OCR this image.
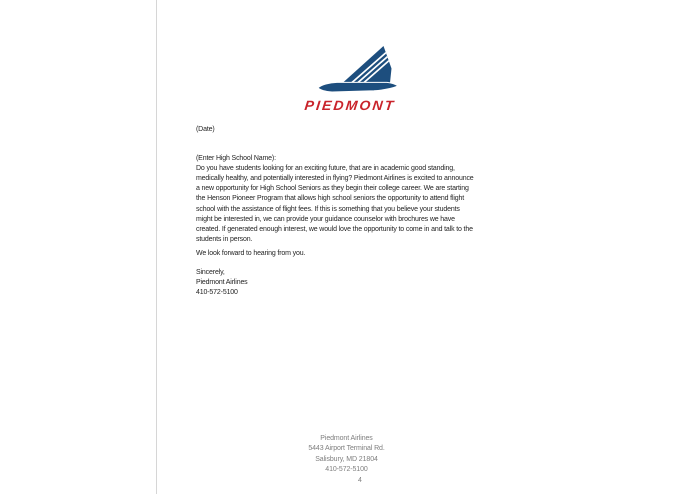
PIEDMONT
(Date)
(Enter High School Name):
Do you have students looking for an exciting future, that are in academic good standing,
medically healthy, and potentially interested in flying? Piedmont Airlines is excited to announce
a new opportunity for High School Seniors as they begin their college career. We are starting
the Henson Pioneer Program that allows high school seniors the opportunity to attend flight
school with the assistance of flight fees. If this is something that you believe your students
might be interested in, we can provide your guidance counselor with brochures we have
created. If generated enough interest, we would love the opportunity to come in and talk to the
students in person.
We look forward to hearing from you.
Sincerely,
Piedmont Airlines
410-572-5100
Piedmont Airlines
5443 Airport Terminal Rd.
Salisbury, MD 21804
410-572-5100
4
